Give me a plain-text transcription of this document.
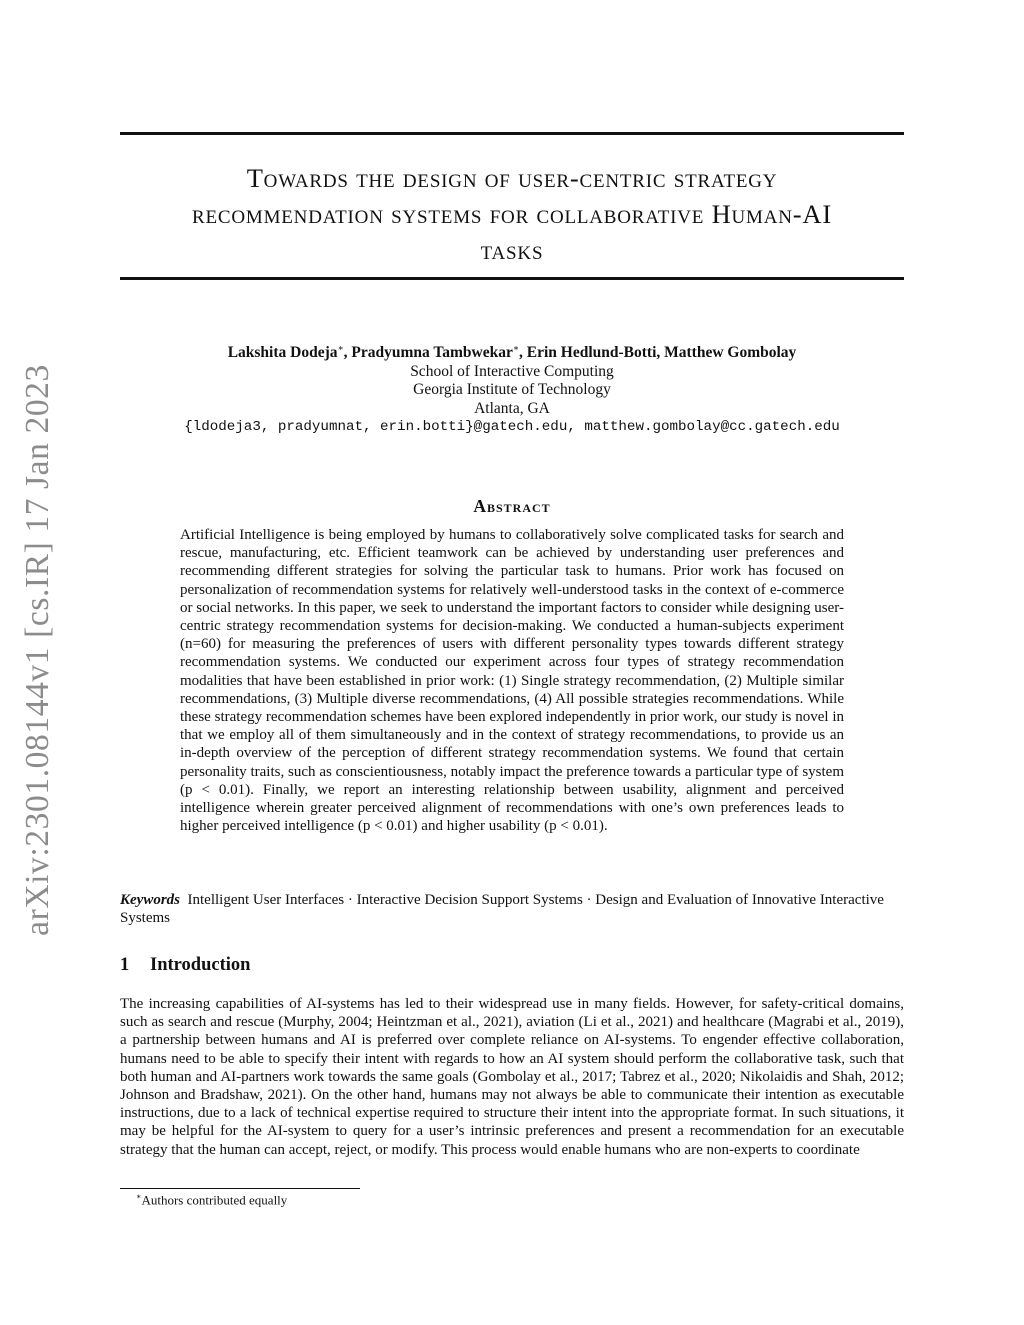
arXiv:2301.08144v1 [cs.IR] 17 Jan 2023
Towards the design of user-centric strategy
recommendation systems for collaborative Human-AI
tasks
Lakshita Dodeja∗, Pradyumna Tambwekar∗, Erin Hedlund-Botti, Matthew Gombolay
School of Interactive Computing
Georgia Institute of Technology
Atlanta, GA
{ldodeja3, pradyumnat, erin.botti}@gatech.edu, matthew.gombolay@cc.gatech.edu
Abstract

Artificial Intelligence is being employed by humans to collaboratively solve complicated tasks for search and rescue, manufacturing, etc. Efficient teamwork can be achieved by understanding user preferences and recommending different strategies for solving the particular task to humans. Prior work has focused on personalization of recommendation systems for relatively well-understood tasks in the context of e-commerce or social networks. In this paper, we seek to understand the important factors to consider while designing user-centric strategy recommendation systems for decision-making. We conducted a human-subjects experiment (n=60) for measuring the preferences of users with different personality types towards different strategy recommendation systems. We conducted our experiment across four types of strategy recommendation modalities that have been established in prior work: (1) Single strategy recommendation, (2) Multiple similar recommendations, (3) Multiple diverse recommendations, (4) All possible strategies recommendations. While these strategy recommendation schemes have been explored independently in prior work, our study is novel in that we employ all of them simultaneously and in the context of strategy recommendations, to provide us an in-depth overview of the perception of different strategy recommendation systems. We found that certain personality traits, such as conscientiousness, notably impact the preference towards a particular type of system (p < 0.01). Finally, we report an interesting relationship between usability, alignment and perceived intelligence wherein greater perceived alignment of recommendations with one’s own preferences leads to higher perceived intelligence (p < 0.01) and higher usability (p < 0.01).

Keywords Intelligent User Interfaces · Interactive Decision Support Systems · Design and Evaluation of Innovative Interactive Systems

1 Introduction

The increasing capabilities of AI-systems has led to their widespread use in many fields. However, for safety-critical domains, such as search and rescue (Murphy, 2004; Heintzman et al., 2021), aviation (Li et al., 2021) and healthcare (Magrabi et al., 2019), a partnership between humans and AI is preferred over complete reliance on AI-systems. To engender effective collaboration, humans need to be able to specify their intent with regards to how an AI system should perform the collaborative task, such that both human and AI-partners work towards the same goals (Gombolay et al., 2017; Tabrez et al., 2020; Nikolaidis and Shah, 2012; Johnson and Bradshaw, 2021). On the other hand, humans may not always be able to communicate their intention as executable instructions, due to a lack of technical expertise required to structure their intent into the appropriate format. In such situations, it may be helpful for the AI-system to query for a user’s intrinsic preferences and present a recommendation for an executable strategy that the human can accept, reject, or modify. This process would enable humans who are non-experts to coordinate

∗Authors contributed equally
